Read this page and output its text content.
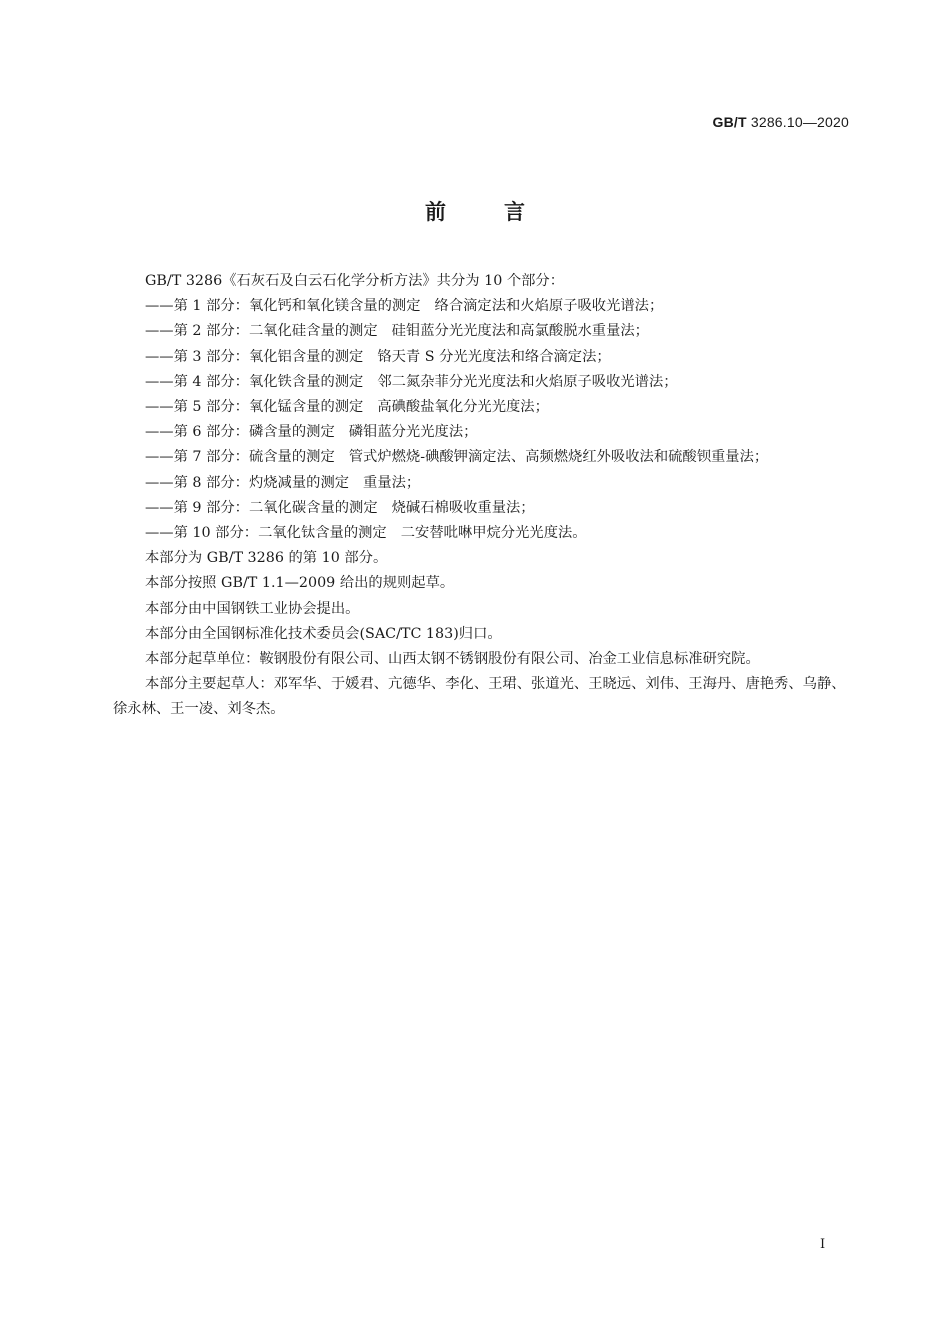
GB/T 3286.10—2020
前言
GB/T 3286《石灰石及白云石化学分析方法》共分为 10 个部分：
——第 1 部分：氧化钙和氧化镁含量的测定 络合滴定法和火焰原子吸收光谱法；
——第 2 部分：二氧化硅含量的测定 硅钼蓝分光光度法和高氯酸脱水重量法；
——第 3 部分：氧化铝含量的测定 铬天青 S 分光光度法和络合滴定法；
——第 4 部分：氧化铁含量的测定 邻二氮杂菲分光光度法和火焰原子吸收光谱法；
——第 5 部分：氧化锰含量的测定 高碘酸盐氧化分光光度法；
——第 6 部分：磷含量的测定 磷钼蓝分光光度法；
——第 7 部分：硫含量的测定 管式炉燃烧-碘酸钾滴定法、高频燃烧红外吸收法和硫酸钡重量法；
——第 8 部分：灼烧减量的测定 重量法；
——第 9 部分：二氧化碳含量的测定 烧碱石棉吸收重量法；
——第 10 部分：二氧化钛含量的测定 二安替吡啉甲烷分光光度法。
本部分为 GB/T 3286 的第 10 部分。
本部分按照 GB/T 1.1—2009 给出的规则起草。
本部分由中国钢铁工业协会提出。
本部分由全国钢标准化技术委员会(SAC/TC 183)归口。
本部分起草单位：鞍钢股份有限公司、山西太钢不锈钢股份有限公司、冶金工业信息标准研究院。
本部分主要起草人：邓军华、于媛君、亢德华、李化、王珺、张道光、王晓远、刘伟、王海丹、唐艳秀、乌静、徐永林、王一凌、刘冬杰。
I
